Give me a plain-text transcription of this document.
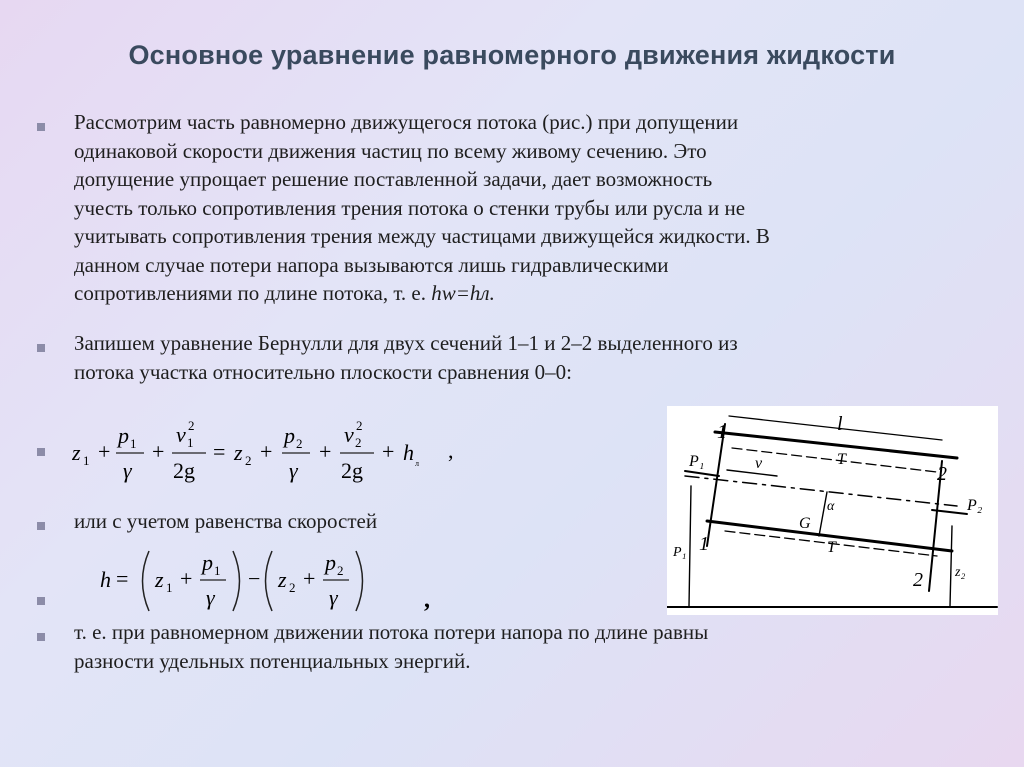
Основное уравнение равномерного движения жидкости
Рассмотрим часть равномерно движущегося потока (рис.) при допущении
одинаковой скорости движения частиц по всему живому сечению. Это
допущение упрощает решение поставленной задачи, дает возможность
учесть только сопротивления трения потока о стенки трубы или русла и не
учитывать сопротивления трения между частицами движущейся жидкости. В
данном случае потери напора вызываются лишь гидравлическими
сопротивлениями по длине потока, т. е. hw=hл.
Запишем уравнение Бернулли для двух сечений 1–1 и 2–2 выделенного из
потока участка относительно плоскости сравнения 0–0:
z 1 +
p 1
γ
+
v 1
2
2g
= z 2 +
p 2
γ
+
v 2
2
2g
+ h л
,
или с учетом равенства скоростей
h = z 1 +
p 1
γ
− z 2 +
p 2
γ	,
т. е. при равномерном движении потока потери напора по длине равны
разности удельных потенциальных энергий.
1
2
1
2
l
T
T
v
P₁
P₂
G
α
P₁
z₂
